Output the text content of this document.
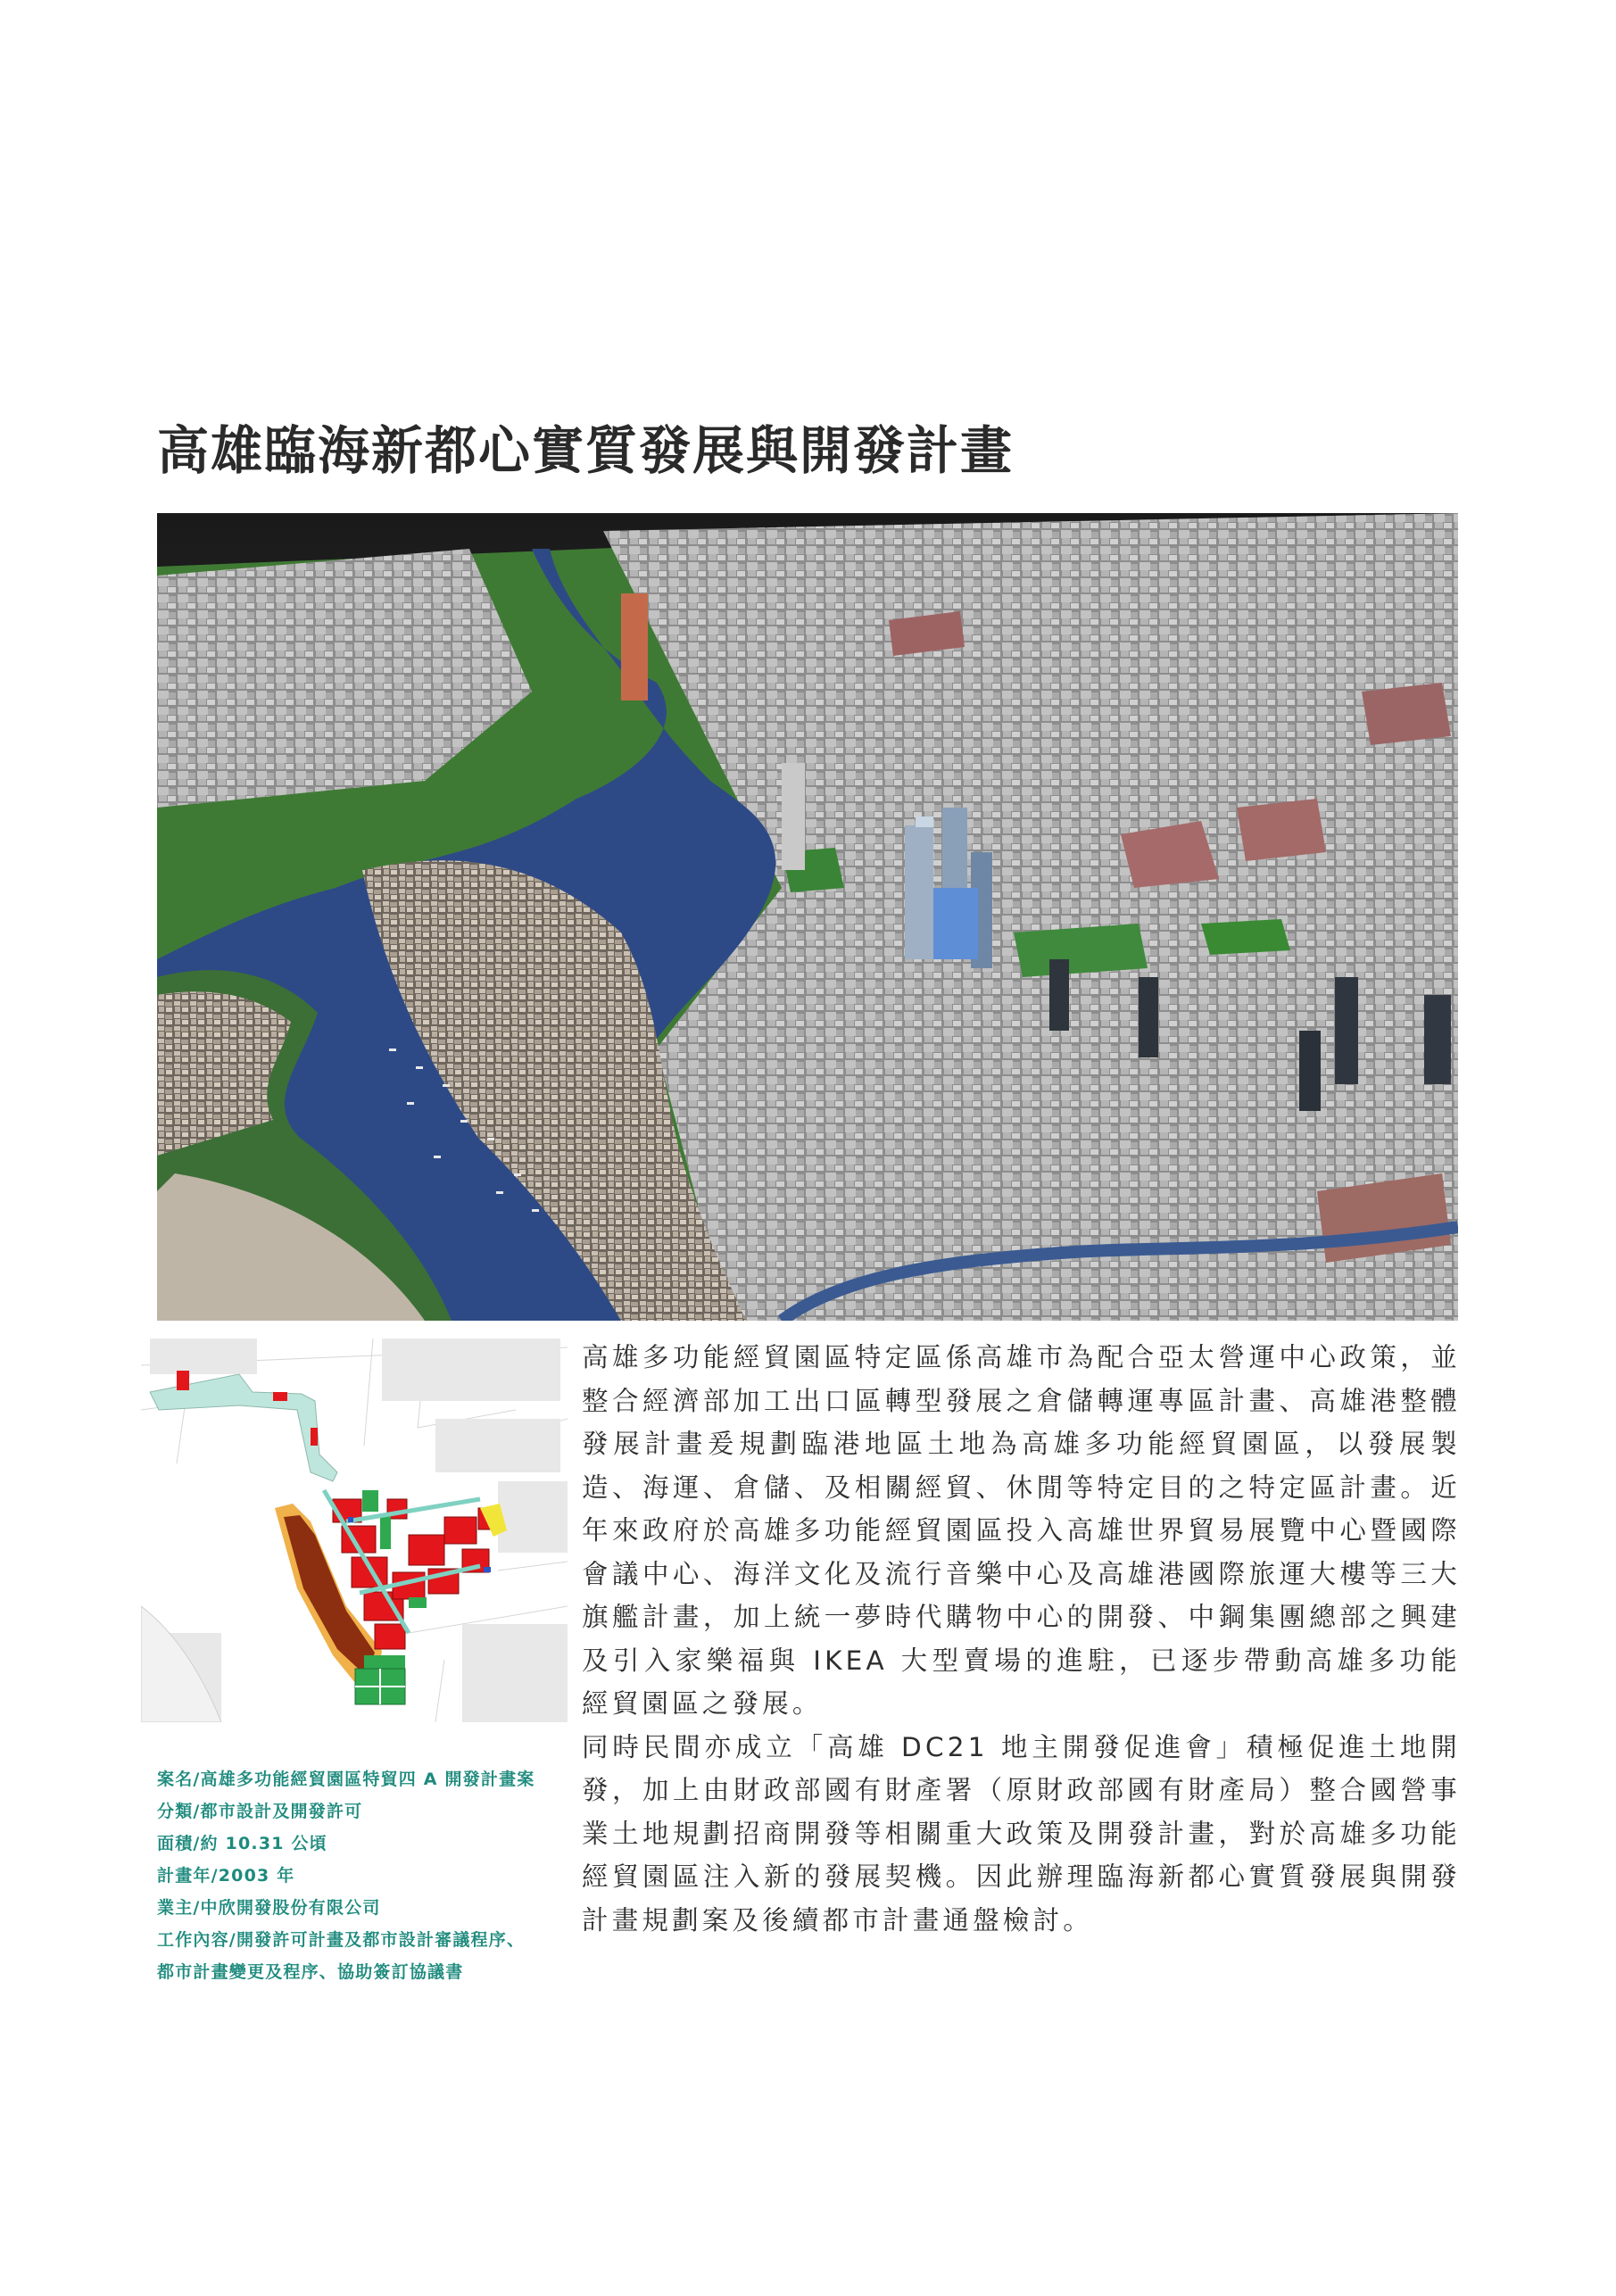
高雄臨海新都心實質發展與開發計畫

高雄多功能經貿園區特定區係高雄市為配合亞太營運中心政策，並整合經濟部加工出口區轉型發展之倉儲轉運專區計畫、高雄港整體發展計畫爰規劃臨港地區土地為高雄多功能經貿園區，以發展製造、海運、倉儲、及相關經貿、休閒等特定目的之特定區計畫。近年來政府於高雄多功能經貿園區投入高雄世界貿易展覽中心暨國際會議中心、海洋文化及流行音樂中心及高雄港國際旅運大樓等三大旗艦計畫，加上統一夢時代購物中心的開發、中鋼集團總部之興建及引入家樂福與 IKEA 大型賣場的進駐，已逐步帶動高雄多功能經貿園區之發展。

同時民間亦成立「高雄 DC21 地主開發促進會」積極促進土地開發，加上由財政部國有財產署（原財政部國有財產局）整合國營事業土地規劃招商開發等相關重大政策及開發計畫，對於高雄多功能經貿園區注入新的發展契機。因此辦理臨海新都心實質發展與開發計畫規劃案及後續都市計畫通盤檢討。

案名/高雄多功能經貿園區特貿四 A 開發計畫案
分類/都市設計及開發許可
面積/約 10.31 公頃
計畫年/2003 年
業主/中欣開發股份有限公司
工作內容/開發許可計畫及都市設計審議程序、
都市計畫變更及程序、協助簽訂協議書
